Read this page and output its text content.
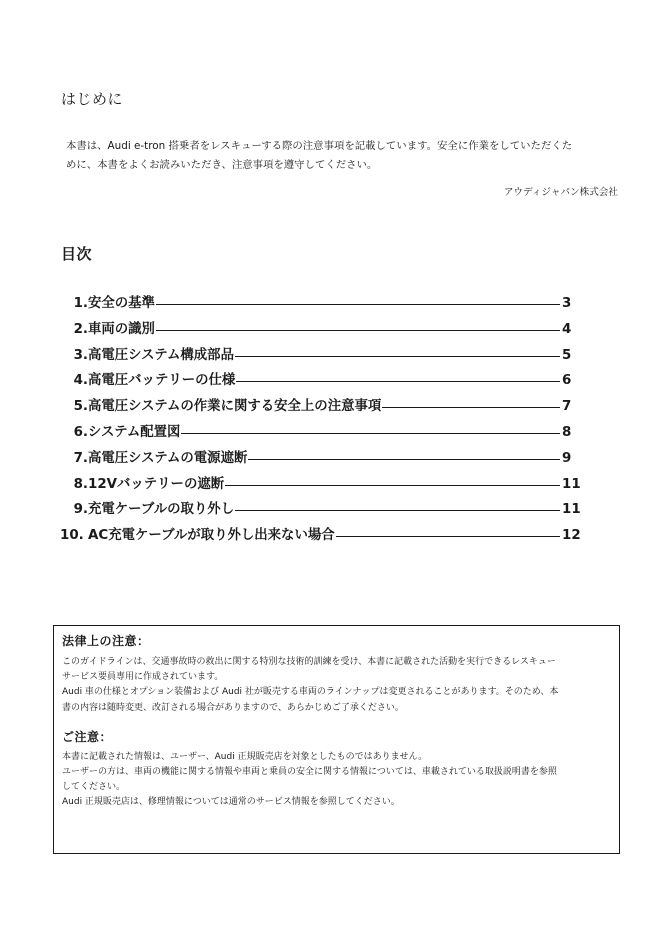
はじめに
本書は、Audi e-tron 搭乗者をレスキューする際の注意事項を記載しています。安全に作業をしていただくた
めに、本書をよくお読みいただき、注意事項を遵守してください。
アウディジャパン株式会社
目次
1. 安全の基準	3
2. 車両の識別	4
3. 高電圧システム構成部品	5
4. 高電圧バッテリーの仕様	6
5. 高電圧システムの作業に関する安全上の注意事項	7
6. システム配置図	8
7. 高電圧システムの電源遮断	9
8. 12Vバッテリーの遮断	11
9. 充電ケーブルの取り外し	11
10. AC充電ケーブルが取り外し出来ない場合	12
法律上の注意：
このガイドラインは、交通事故時の救出に関する特別な技術的訓練を受け、本書に記載された活動を実行できるレスキュー
サービス要員専用に作成されています。
Audi 車の仕様とオプション装備および Audi 社が販売する車両のラインナップは変更されることがあります。そのため、本
書の内容は随時変更、改訂される場合がありますので、あらかじめご了承ください。
ご注意：
本書に記載された情報は、ユーザー、Audi 正規販売店を対象としたものではありません。
ユーザーの方は、車両の機能に関する情報や車両と乗員の安全に関する情報については、車載されている取扱説明書を参照
してください。
Audi 正規販売店は、修理情報については通常のサービス情報を参照してください。
